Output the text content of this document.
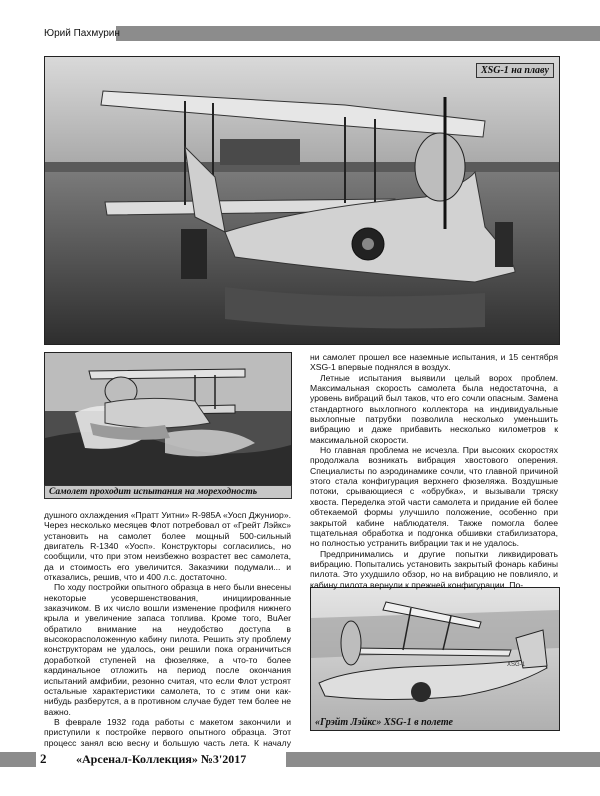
Юрий Пахмурин
XSG-1 на плаву
Самолет проходит испытания на мореходность
XSG-1
«Грэйт Лэйкс» XSG-1 в полете

душного охлаждения «Пратт Уитни» R-985A «Уосп Джуниор». Через несколько месяцев Флот потребовал от «Грейт Лэйкс» установить на самолет более мощный 500-сильный двигатель R-1340 «Уосп». Конструкторы согласились, но сообщили, что при этом неизбежно возрастет вес самолета, да и стоимость его увеличится. Заказчики подумали... и отказались, решив, что и 400 л.с. достаточно.

По ходу постройки опытного образца в него были внесены некоторые усовершенствования, инициированные заказчиком. В их число вошли изменение профиля нижнего крыла и увеличение запаса топлива. Кроме того, BuAer обратило внимание на неудобство доступа в высокорасположенную кабину пилота. Решить эту проблему конструкторам не удалось, они решили пока ограничиться доработкой ступеней на фюзеляже, а что-то более кардинальное отложить на период после окончания испытаний амфибии, резонно считая, что если Флот устроят остальные характеристики самолета, то с этим они как-нибудь разберутся, а в противном случае будет тем более не важно.

В феврале 1932 года работы с макетом закончили и приступили к постройке первого опытного образца. Этот процесс занял всю весну и большую часть лета. К началу

ни самолет прошел все наземные испытания, и 15 сентября XSG-1 впервые поднялся в воздух.

Летные испытания выявили целый ворох проблем. Максимальная скорость самолета была недостаточна, а уровень вибраций был таков, что его сочли опасным. Замена стандартного выхлопного коллектора на индивидуальные выхлопные патрубки позволила несколько уменьшить вибрацию и даже прибавить несколько километров к максимальной скорости.

Но главная проблема не исчезла. При высоких скоростях продолжала возникать вибрация хвостового оперения. Специалисты по аэродинамике сочли, что главной причиной этого стала конфигурация верхнего фюзеляжа. Воздушные потоки, срывающиеся с «обрубка», и вызывали тряску хвоста. Переделка этой части самолета и придание ей более обтекаемой формы улучшило положение, особенно при закрытой кабине наблюдателя. Также помогла более тщательная обработка и подгонка обшивки стабилизатора, но полностью устранить вибрации так и не удалось.

Предпринимались и другие попытки ликвидировать вибрацию. Попытались установить закрытый фонарь кабины пилота. Это ухудшило обзор, но на вибрацию не повлияло, и кабину пилота вернули к прежней конфигурации. По-

2 «Арсенал-Коллекция» №3'2017
